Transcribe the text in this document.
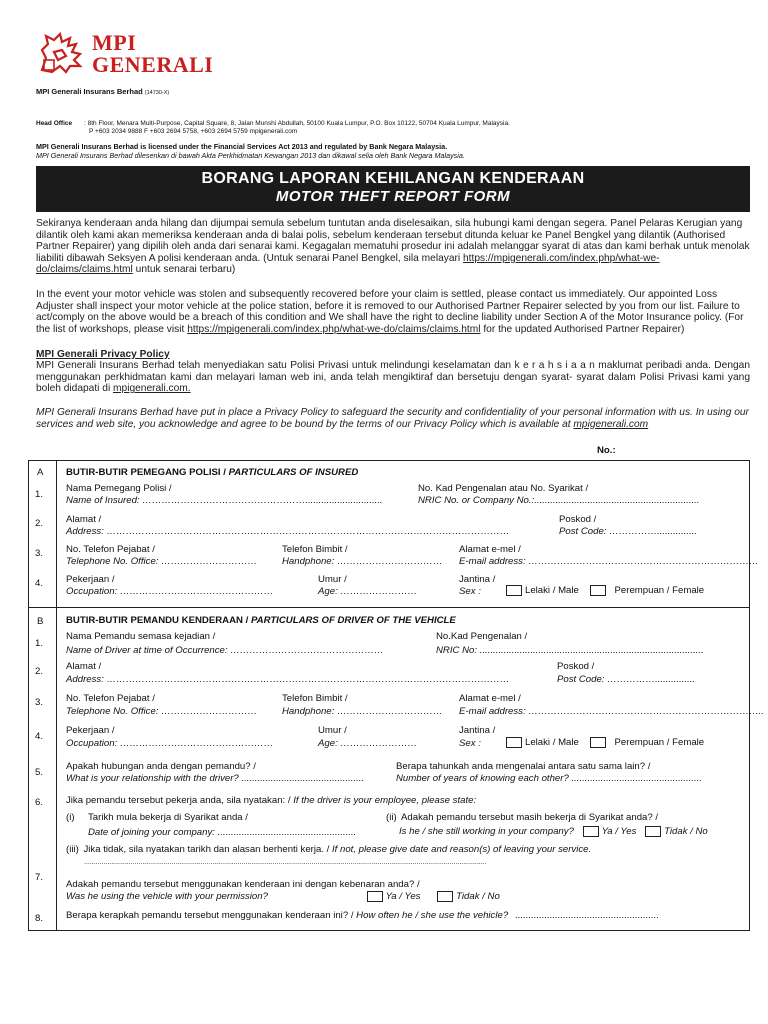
MPI
GENERALI
MPI Generali Insurans Berhad (14730-X)
Head Office : 8th Floor, Menara Multi-Purpose, Capital Square, 8, Jalan Munshi Abdullah, 50100 Kuala Lumpur, P.O. Box 10122, 50704 Kuala Lumpur, Malaysia.
P +603 2034 9888 F +603 2694 5758, +603 2694 5759 mpigenerali.com
MPI Generali Insurans Berhad is licensed under the Financial Services Act 2013 and regulated by Bank Negara Malaysia.
MPI Generali Insurans Berhad dilesenkan di bawah Akta Perkhidmatan Kewangan 2013 dan dikawal selia oleh Bank Negara Malaysia.
BORANG LAPORAN KEHILANGAN KENDERAAN
MOTOR THEFT REPORT FORM
Sekiranya kenderaan anda hilang dan dijumpai semula sebelum tuntutan anda diselesaikan, sila hubungi kami dengan segera. Panel Pelaras Kerugian yang dilantik oleh kami akan memeriksa kenderaan anda di balai polis, sebelum kenderaan tersebut ditunda keluar ke Panel Bengkel yang dilantik (Authorised Partner Repairer) yang dipilih oleh anda dari senarai kami. Kegagalan mematuhi prosedur ini adalah melanggar syarat di atas dan kami berhak untuk menolak liabiliti dibawah Seksyen A polisi kenderaan anda. (Untuk senarai Panel Bengkel, sila melayari https://mpigenerali.com/index.php/what-we-do/claims/claims.html untuk senarai terbaru)
In the event your motor vehicle was stolen and subsequently recovered before your claim is settled, please contact us immediately. Our appointed Loss Adjuster shall inspect your motor vehicle at the police station, before it is removed to our Authorised Partner Repairer selected by you from our list. Failure to act/comply on the above would be a breach of this condition and We shall have the right to decline liability under Section A of the Motor Insurance policy. (For the list of workshops, please visit https://mpigenerali.com/index.php/what-we-do/claims/claims.html for the updated Authorised Partner Repairer)
MPI Generali Privacy Policy
MPI Generali Insurans Berhad telah menyediakan satu Polisi Privasi untuk melindungi keselamatan dan k e r a h s i a a n maklumat peribadi anda. Dengan menggunakan perkhidmatan kami dan melayari laman web ini, anda telah mengiktiraf dan bersetuju dengan syarat- syarat dalam Polisi Privasi kami yang boleh didapati di mpigenerali.com.
MPI Generali Insurans Berhad have put in place a Privacy Policy to safeguard the security and confidentiality of your personal information with us. In using our services and web site, you acknowledge and agree to be bound by the terms of our Privacy Policy which is available at mpigenerali.com
No.:
A BUTIR-BUTIR PEMEGANG POLISI / PARTICULARS OF INSURED
1.
Nama Pemegang Polisi /
Name of Insured: …………………………………………….............................
No. Kad Pengenalan atau No. Syarikat /
NRIC No. or Company No.:..............................................................
2. Alamat /
Address: ………………………………………………………………………………………………………………
Poskod /
Post Code: ……………...............
3. No. Telefon Pejabat /
Telephone No. Office: …………………………
Telefon Bimbit /
Handphone: ……………………………
Alamat e-mel /
E-mail address: ………………………………………………………………
4. Pekerjaan /
Occupation: …………………………………………
Umur /
Age: ……………………
Jantina /
Sex :	Lelaki / Male	Perempuan / Female
B BUTIR-BUTIR PEMANDU KENDERAAN / PARTICULARS OF DRIVER OF THE VEHICLE
1.
Nama Pemandu semasa kejadian /
Name of Driver at time of Occurrence: …………………………………………
No.Kad Pengenalan /
NRIC No: ....................................................................................
2. Alamat /
Address: ………………………………………………………………………………………………………………
Poskod /
Post Code: ……………...............
3. No. Telefon Pejabat /
Telephone No. Office: …………………………
Telefon Bimbit /
Handphone: ……………………………
Alamat e-mel /
E-mail address: ………………………………………………………………..
4.
Pekerjaan /
Occupation: …………………………………………
Umur /
Age: ……………………
Jantina /
Sex :	Lelaki / Male	Perempuan / Female
5.
Apakah hubungan anda dengan pemandu? /
What is your relationship with the driver? ..............................................
Berapa tahunkah anda mengenalai antara satu sama lain? /
Number of years of knowing each other? .................................................
6. Jika pemandu tersebut pekerja anda, sila nyatakan: / If the driver is your employee, please state:
(i) Tarikh mula bekerja di Syarikat anda /
Date of joining your company: ....................................................
(ii) Adakah pemandu tersebut masih bekerja di Syarikat anda? /
Is he / she still working in your company?	Ya / Yes	Tidak / No
(iii) Jika tidak, sila nyatakan tarikh dan alasan berhenti kerja. / If not, please give date and reason(s) of leaving your service.
...............................................................................................................................................................................................................
7.
Adakah pemandu tersebut menggunakan kenderaan ini dengan kebenaran anda? /
Was he using the vehicle with your permission?	Ya / Yes	Tidak / No
8. Berapa kerapkah pemandu tersebut menggunakan kenderaan ini? / How often he / she use the vehicle? ......................................................
